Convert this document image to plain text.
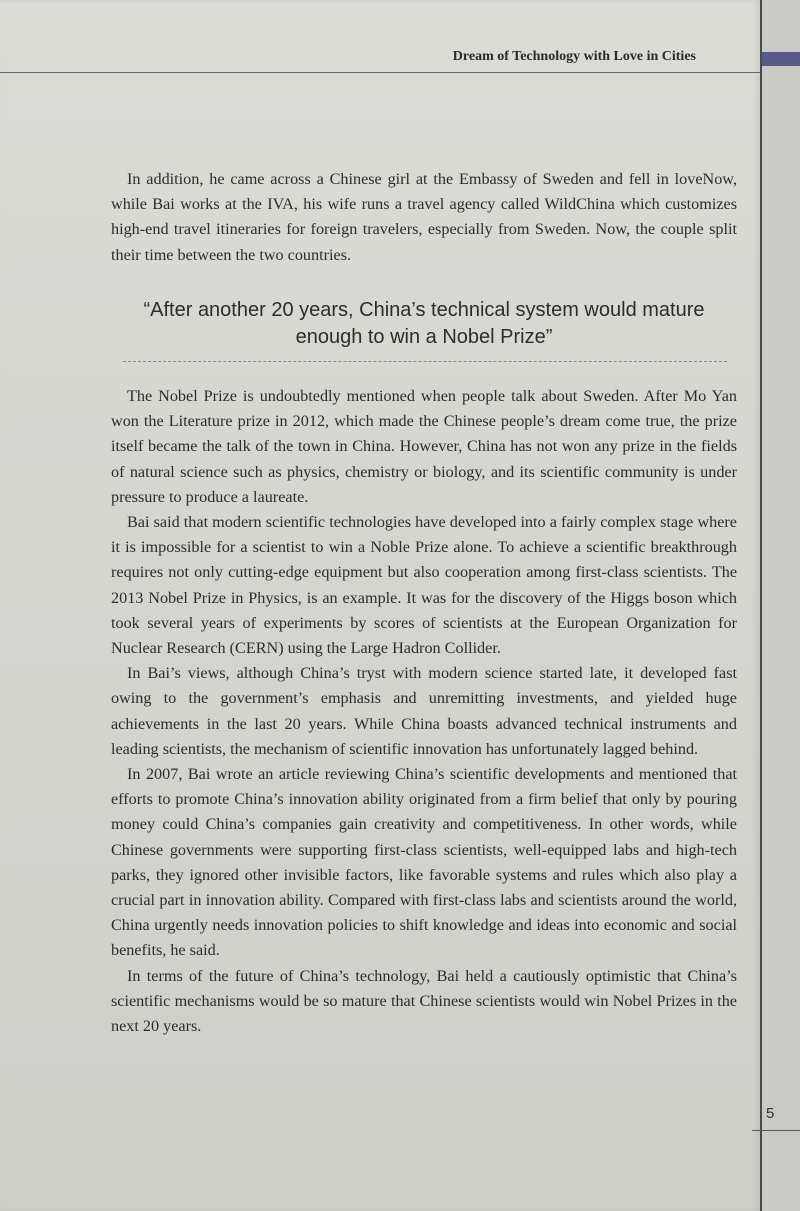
Dream of Technology with Love in Cities

In addition, he came across a Chinese girl at the Embassy of Sweden and fell in loveNow, while Bai works at the IVA, his wife runs a travel agency called WildChina which customizes high-end travel itineraries for foreign travelers, especially from Sweden. Now, the couple split their time between the two countries.

“After another 20 years, China’s technical system would mature enough to win a Nobel Prize”

The Nobel Prize is undoubtedly mentioned when people talk about Sweden. After Mo Yan won the Literature prize in 2012, which made the Chinese people’s dream come true, the prize itself became the talk of the town in China. However, China has not won any prize in the fields of natural science such as physics, chemistry or biology, and its scientific community is under pressure to produce a laureate.

Bai said that modern scientific technologies have developed into a fairly complex stage where it is impossible for a scientist to win a Noble Prize alone. To achieve a scientific breakthrough requires not only cutting-edge equipment but also cooperation among first-class scientists. The 2013 Nobel Prize in Physics, is an example. It was for the discovery of the Higgs boson which took several years of experiments by scores of scientists at the European Organization for Nuclear Research (CERN) using the Large Hadron Collider.

In Bai’s views, although China’s tryst with modern science started late, it developed fast owing to the government’s emphasis and unremitting investments, and yielded huge achievements in the last 20 years. While China boasts advanced technical instruments and leading scientists, the mechanism of scientific innovation has unfortunately lagged behind.

In 2007, Bai wrote an article reviewing China’s scientific developments and mentioned that efforts to promote China’s innovation ability originated from a firm belief that only by pouring money could China’s companies gain creativity and competitiveness. In other words, while Chinese governments were supporting first-class scientists, well-equipped labs and high-tech parks, they ignored other invisible factors, like favorable systems and rules which also play a crucial part in innovation ability. Compared with first-class labs and scientists around the world, China urgently needs innovation policies to shift knowledge and ideas into economic and social benefits, he said.

In terms of the future of China’s technology, Bai held a cautiously optimistic that China’s scientific mechanisms would be so mature that Chinese scientists would win Nobel Prizes in the next 20 years.

5
